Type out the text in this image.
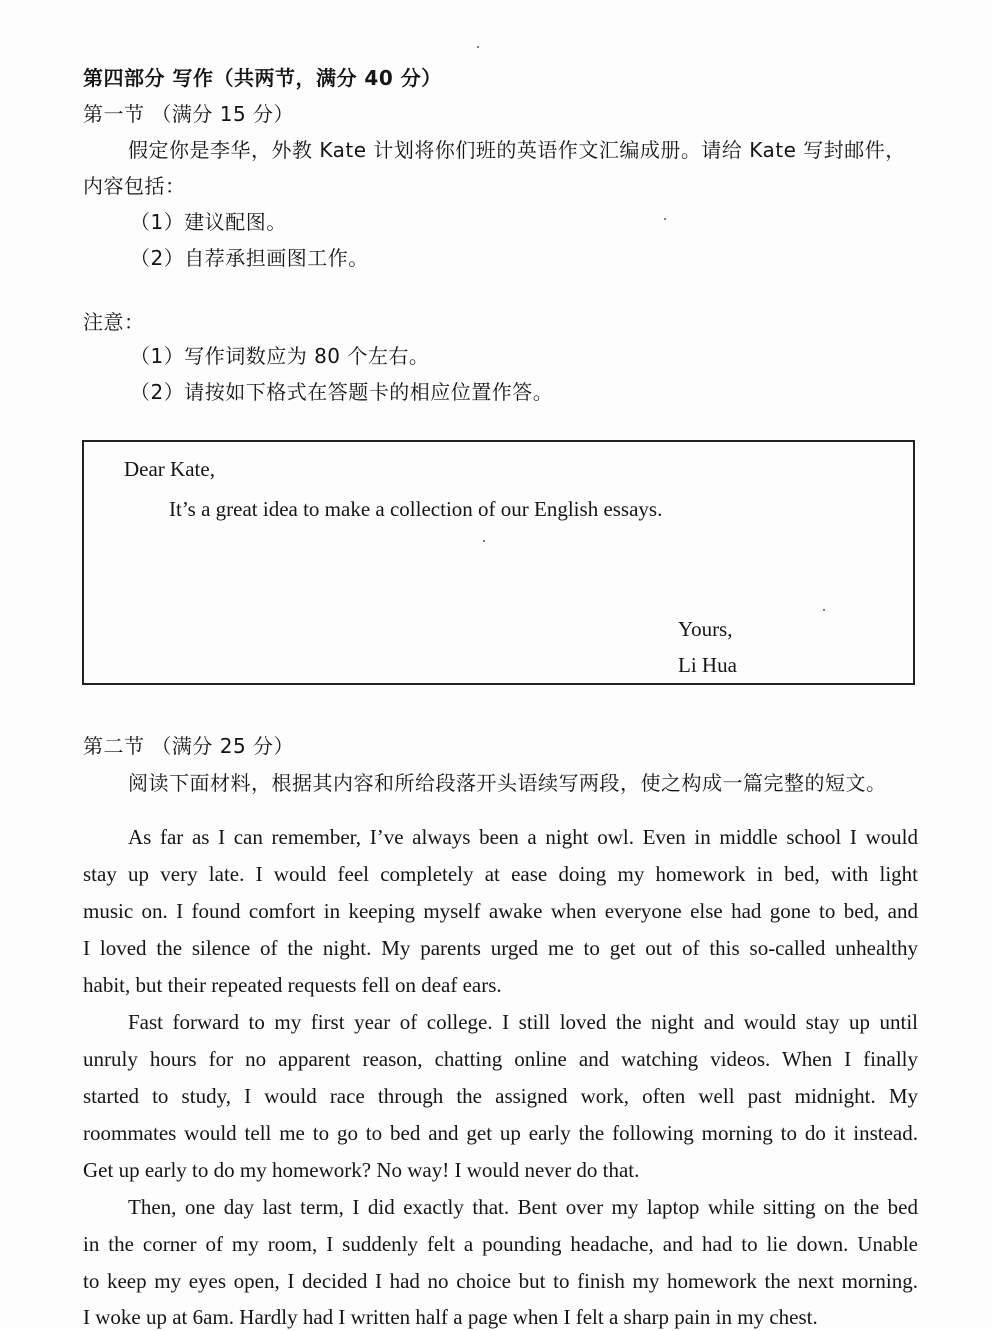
第四部分 写作（共两节，满分 40 分）
第一节 （满分 15 分）
假定你是李华，外教 Kate 计划将你们班的英语作文汇编成册。请给 Kate 写封邮件，
内容包括：
（1）建议配图。
（2）自荐承担画图工作。
注意：
（1）写作词数应为 80 个左右。
（2）请按如下格式在答题卡的相应位置作答。
Dear Kate,
It’s a great idea to make a collection of our English essays.
Yours,
Li Hua
第二节 （满分 25 分）
阅读下面材料，根据其内容和所给段落开头语续写两段，使之构成一篇完整的短文。
As far as I can remember, I’ve always been a night owl. Even in middle school I would
stay up very late. I would feel completely at ease doing my homework in bed, with light
music on. I found comfort in keeping myself awake when everyone else had gone to bed, and
I loved the silence of the night. My parents urged me to get out of this so-called unhealthy
habit, but their repeated requests fell on deaf ears.
Fast forward to my first year of college. I still loved the night and would stay up until
unruly hours for no apparent reason, chatting online and watching videos. When I finally
started to study, I would race through the assigned work, often well past midnight. My
roommates would tell me to go to bed and get up early the following morning to do it instead.
Get up early to do my homework? No way! I would never do that.
Then, one day last term, I did exactly that. Bent over my laptop while sitting on the bed
in the corner of my room, I suddenly felt a pounding headache, and had to lie down. Unable
to keep my eyes open, I decided I had no choice but to finish my homework the next morning.
I woke up at 6am. Hardly had I written half a page when I felt a sharp pain in my chest.
